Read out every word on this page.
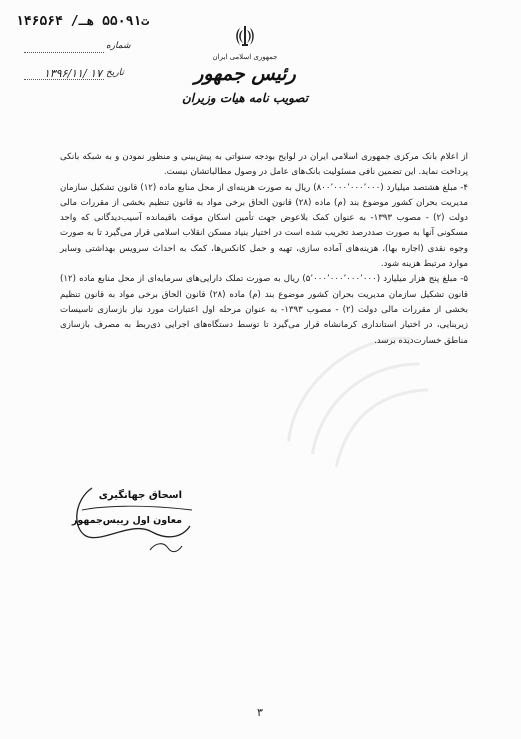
۱۴۶۵۶۴ /ت۵۵۰۹۱ هـ
شماره
۱۳۹۶/۱۱/ ۱۷ تاریخ
جمهوری اسلامی ایران
رئیس جمهور
تصویب نامه هیات وزیران

از اعلام بانک مرکزی جمهوری اسلامی ایران در لوایح بودجه سنواتی به پیش‌بینی و منظور نمودن و به شبکه بانکی پرداخت نماید. این تضمین نافی مسئولیت بانک‌های عامل در وصول مطالباتشان نیست.

۴- مبلغ هشتصد میلیارد (۸۰۰٬۰۰۰٬۰۰۰٬۰۰۰) ریال به صورت هزینه‌ای از محل منابع ماده (۱۲) قانون تشکیل سازمان مدیریت بحران کشور موضوع بند (م) ماده (۲۸) قانون الحاق برخی مواد به قانون تنظیم بخشی از مقررات مالی دولت (۲) - مصوب ۱۳۹۳- به عنوان کمک بلاعوض جهت تأمین اسکان موقت باقیمانده آسیب‌دیدگانی که واحد مسکونی آنها به صورت صددرصد تخریب شده است در اختیار بنیاد مسکن انقلاب اسلامی قرار می‌گیرد تا به صورت وجوه نقدی (اجاره بها)، هزینه‌های آماده سازی، تهیه و حمل کانکس‌ها، کمک به احداث سرویس بهداشتی وسایر موارد مرتبط هزینه شود.

۵- مبلغ پنج هزار میلیارد (۵٬۰۰۰٬۰۰۰٬۰۰۰٬۰۰۰) ریال به صورت تملک دارایی‌های سرمایه‌ای از محل منابع ماده (۱۲) قانون تشکیل سازمان مدیریت بحران کشور موضوع بند (م) ماده (۲۸) قانون الحاق برخی مواد به قانون تنظیم بخشی از مقررات مالی دولت (۲) - مصوب ۱۳۹۳- به عنوان مرحله اول اعتبارات مورد نیاز بازسازی تاسیسات زیربنایی، در اختیار استانداری کرمانشاه قرار می‌گیرد تا توسط دستگاه‌های اجرایی ذی‌ربط به مصرف بازسازی مناطق خسارت‌دیده برسد.

اسحاق جهانگیری
معاون اول رییس‌جمهور
۳
